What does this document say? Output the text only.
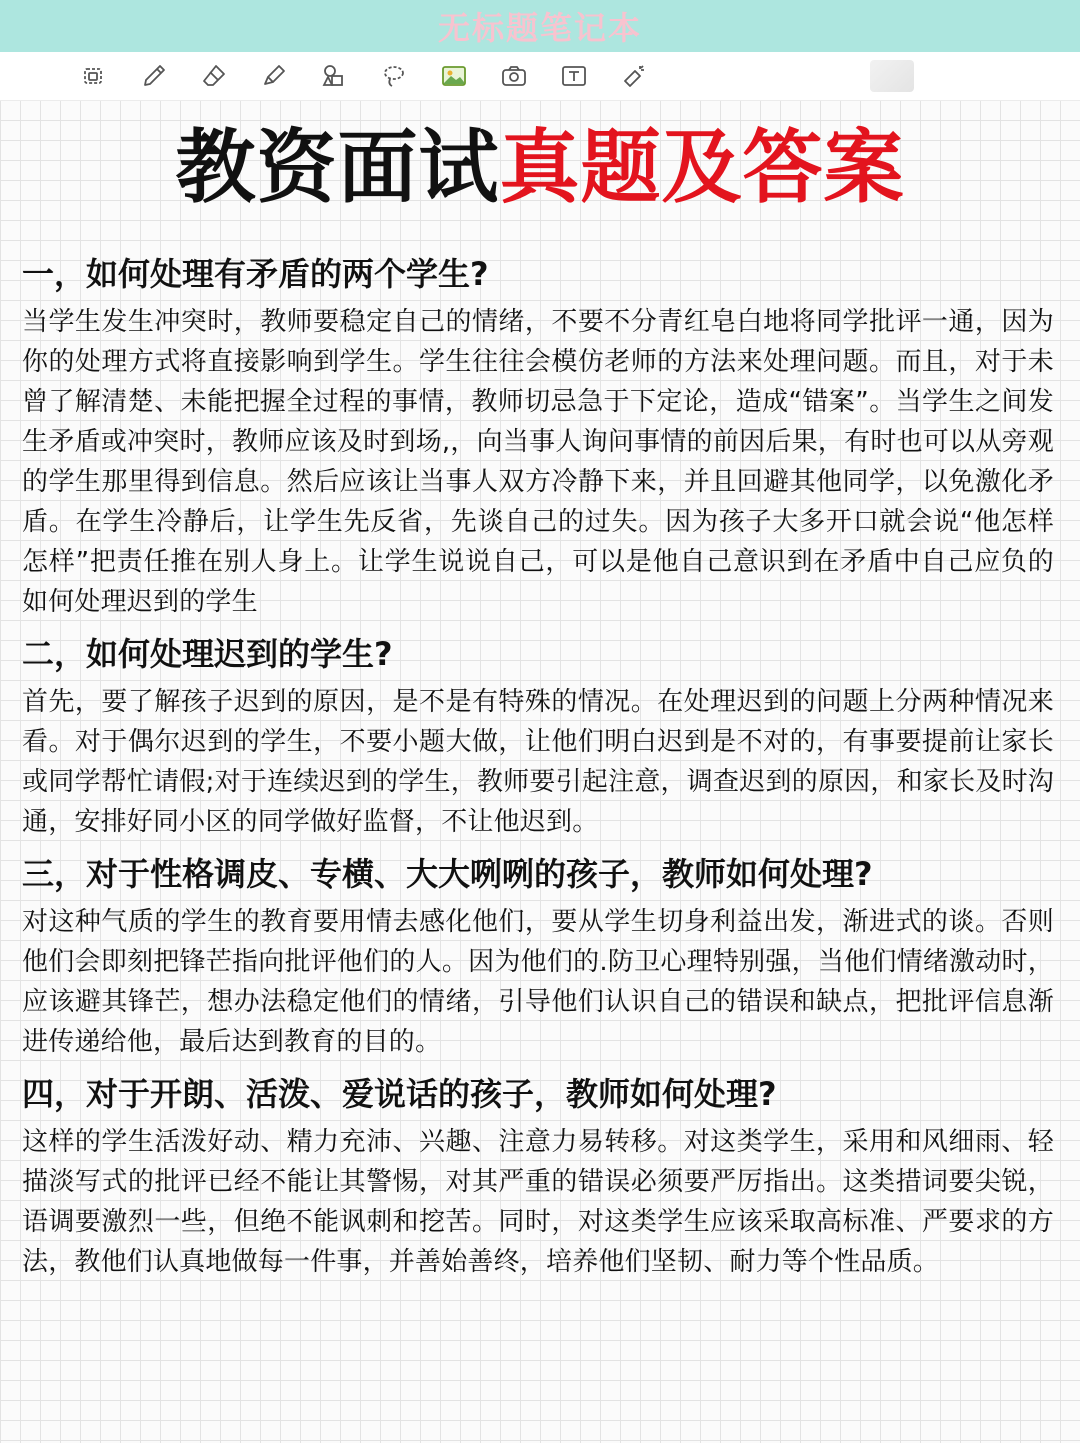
无标题笔记本
教资面试真题及答案
一，如何处理有矛盾的两个学生?
当学生发生冲突时，教师要稳定自己的情绪，不要不分青红皂白地将同学批评一通，因为你的处理方式将直接影响到学生。学生往往会模仿老师的方法来处理问题。而且，对于未曾了解清楚、未能把握全过程的事情，教师切忌急于下定论，造成“错案”。当学生之间发生矛盾或冲突时，教师应该及时到场,，向当事人询问事情的前因后果，有时也可以从旁观的学生那里得到信息。然后应该让当事人双方冷静下来，并且回避其他同学，以免激化矛盾。在学生冷静后，让学生先反省，先谈自己的过失。因为孩子大多开口就会说“他怎样怎样”把责任推在别人身上。让学生说说自己，可以是他自己意识到在矛盾中自己应负的如何处理迟到的学生
二，如何处理迟到的学生?
首先，要了解孩子迟到的原因，是不是有特殊的情况。在处理迟到的问题上分两种情况来看。对于偶尔迟到的学生，不要小题大做，让他们明白迟到是不对的，有事要提前让家长或同学帮忙请假;对于连续迟到的学生，教师要引起注意，调查迟到的原因，和家长及时沟通，安排好同小区的同学做好监督，不让他迟到。
三，对于性格调皮、专横、大大咧咧的孩子，教师如何处理?
对这种气质的学生的教育要用情去感化他们，要从学生切身利益出发，渐进式的谈。否则他们会即刻把锋芒指向批评他们的人。因为他们的.防卫心理特别强，当他们情绪激动时，应该避其锋芒，想办法稳定他们的情绪，引导他们认识自己的错误和缺点，把批评信息渐进传递给他，最后达到教育的目的。
四，对于开朗、活泼、爱说话的孩子，教师如何处理?
这样的学生活泼好动、精力充沛、兴趣、注意力易转移。对这类学生，采用和风细雨、轻描淡写式的批评已经不能让其警惕，对其严重的错误必须要严厉指出。这类措词要尖锐，语调要激烈一些，但绝不能讽刺和挖苦。同时，对这类学生应该采取高标准、严要求的方法，教他们认真地做每一件事，并善始善终，培养他们坚韧、耐力等个性品质。
